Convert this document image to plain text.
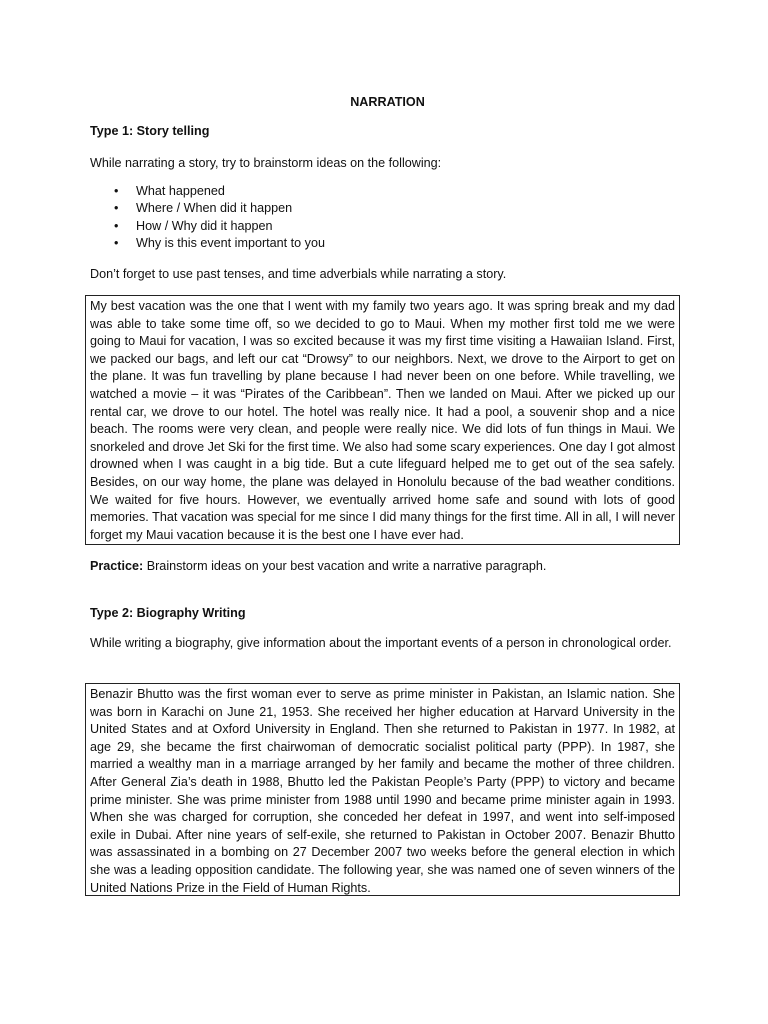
NARRATION

Type 1: Story telling

While narrating a story, try to brainstorm ideas on the following:

• What happened
• Where / When did it happen
• How / Why did it happen
• Why is this event important to you

Don’t forget to use past tenses, and time adverbials while narrating a story.

My best vacation was the one that I went with my family two years ago. It was spring break and my dad was able to take some time off, so we decided to go to Maui. When my mother first told me we were going to Maui for vacation, I was so excited because it was my first time visiting a Hawaiian Island. First, we packed our bags, and left our cat “Drowsy” to our neighbors. Next, we drove to the Airport to get on the plane. It was fun travelling by plane because I had never been on one before. While travelling, we watched a movie – it was “Pirates of the Caribbean”. Then we landed on Maui. After we picked up our rental car, we drove to our hotel. The hotel was really nice. It had a pool, a souvenir shop and a nice beach. The rooms were very clean, and people were really nice. We did lots of fun things in Maui. We snorkeled and drove Jet Ski for the first time. We also had some scary experiences. One day I got almost drowned when I was caught in a big tide. But a cute lifeguard helped me to get out of the sea safely. Besides, on our way home, the plane was delayed in Honolulu because of the bad weather conditions. We waited for five hours. However, we eventually arrived home safe and sound with lots of good memories. That vacation was special for me since I did many things for the first time. All in all, I will never forget my Maui vacation because it is the best one I have ever had.

Practice: Brainstorm ideas on your best vacation and write a narrative paragraph.

Type 2: Biography Writing

While writing a biography, give information about the important events of a person in chronological order.

Benazir Bhutto was the first woman ever to serve as prime minister in Pakistan, an Islamic nation. She was born in Karachi on June 21, 1953. She received her higher education at Harvard University in the United States and at Oxford University in England. Then she returned to Pakistan in 1977. In 1982, at age 29, she became the first chairwoman of democratic socialist political party (PPP). In 1987, she married a wealthy man in a marriage arranged by her family and became the mother of three children. After General Zia’s death in 1988, Bhutto led the Pakistan People’s Party (PPP) to victory and became prime minister. She was prime minister from 1988 until 1990 and became prime minister again in 1993. When she was charged for corruption, she conceded her defeat in 1997, and went into self-imposed exile in Dubai. After nine years of self-exile, she returned to Pakistan in October 2007. Benazir Bhutto was assassinated in a bombing on 27 December 2007 two weeks before the general election in which she was a leading opposition candidate. The following year, she was named one of seven winners of the United Nations Prize in the Field of Human Rights.
